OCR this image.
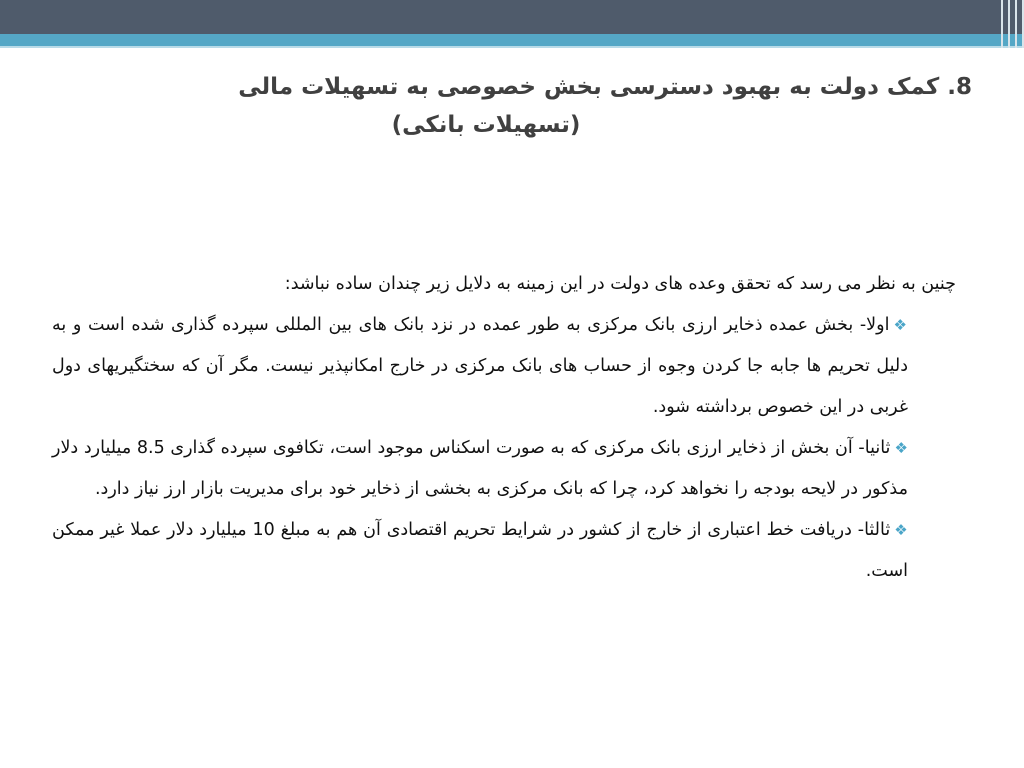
8. کمک دولت به بهبود دسترسی بخش خصوصی به تسهیلات مالی
(تسهیلات بانکی)

چنین به نظر می رسد که تحقق وعده های دولت در این زمینه به دلایل زیر چندان ساده نباشد:

❖اولا- بخش عمده ذخایر ارزی بانک مرکزی به طور عمده در نزد بانک های بین المللی سپرده گذاری شده است و به دلیل تحریم ها جابه جا کردن وجوه از حساب های بانک مرکزی در خارج امکانپذیر نیست. مگر آن که سختگیریهای دول غربی در این خصوص برداشته شود.

❖ثانیا- آن بخش از ذخایر ارزی بانک مرکزی که به صورت اسکناس موجود است، تکافوی سپرده گذاری 8.5 میلیارد دلار مذکور در لایحه بودجه را نخواهد کرد، چرا که بانک مرکزی به بخشی از ذخایر خود برای مدیریت بازار ارز نیاز دارد.

❖ثالثا- دریافت خط اعتباری از خارج از کشور در شرایط تحریم اقتصادی آن هم به مبلغ 10 میلیارد دلار عملا غیر ممکن است.
